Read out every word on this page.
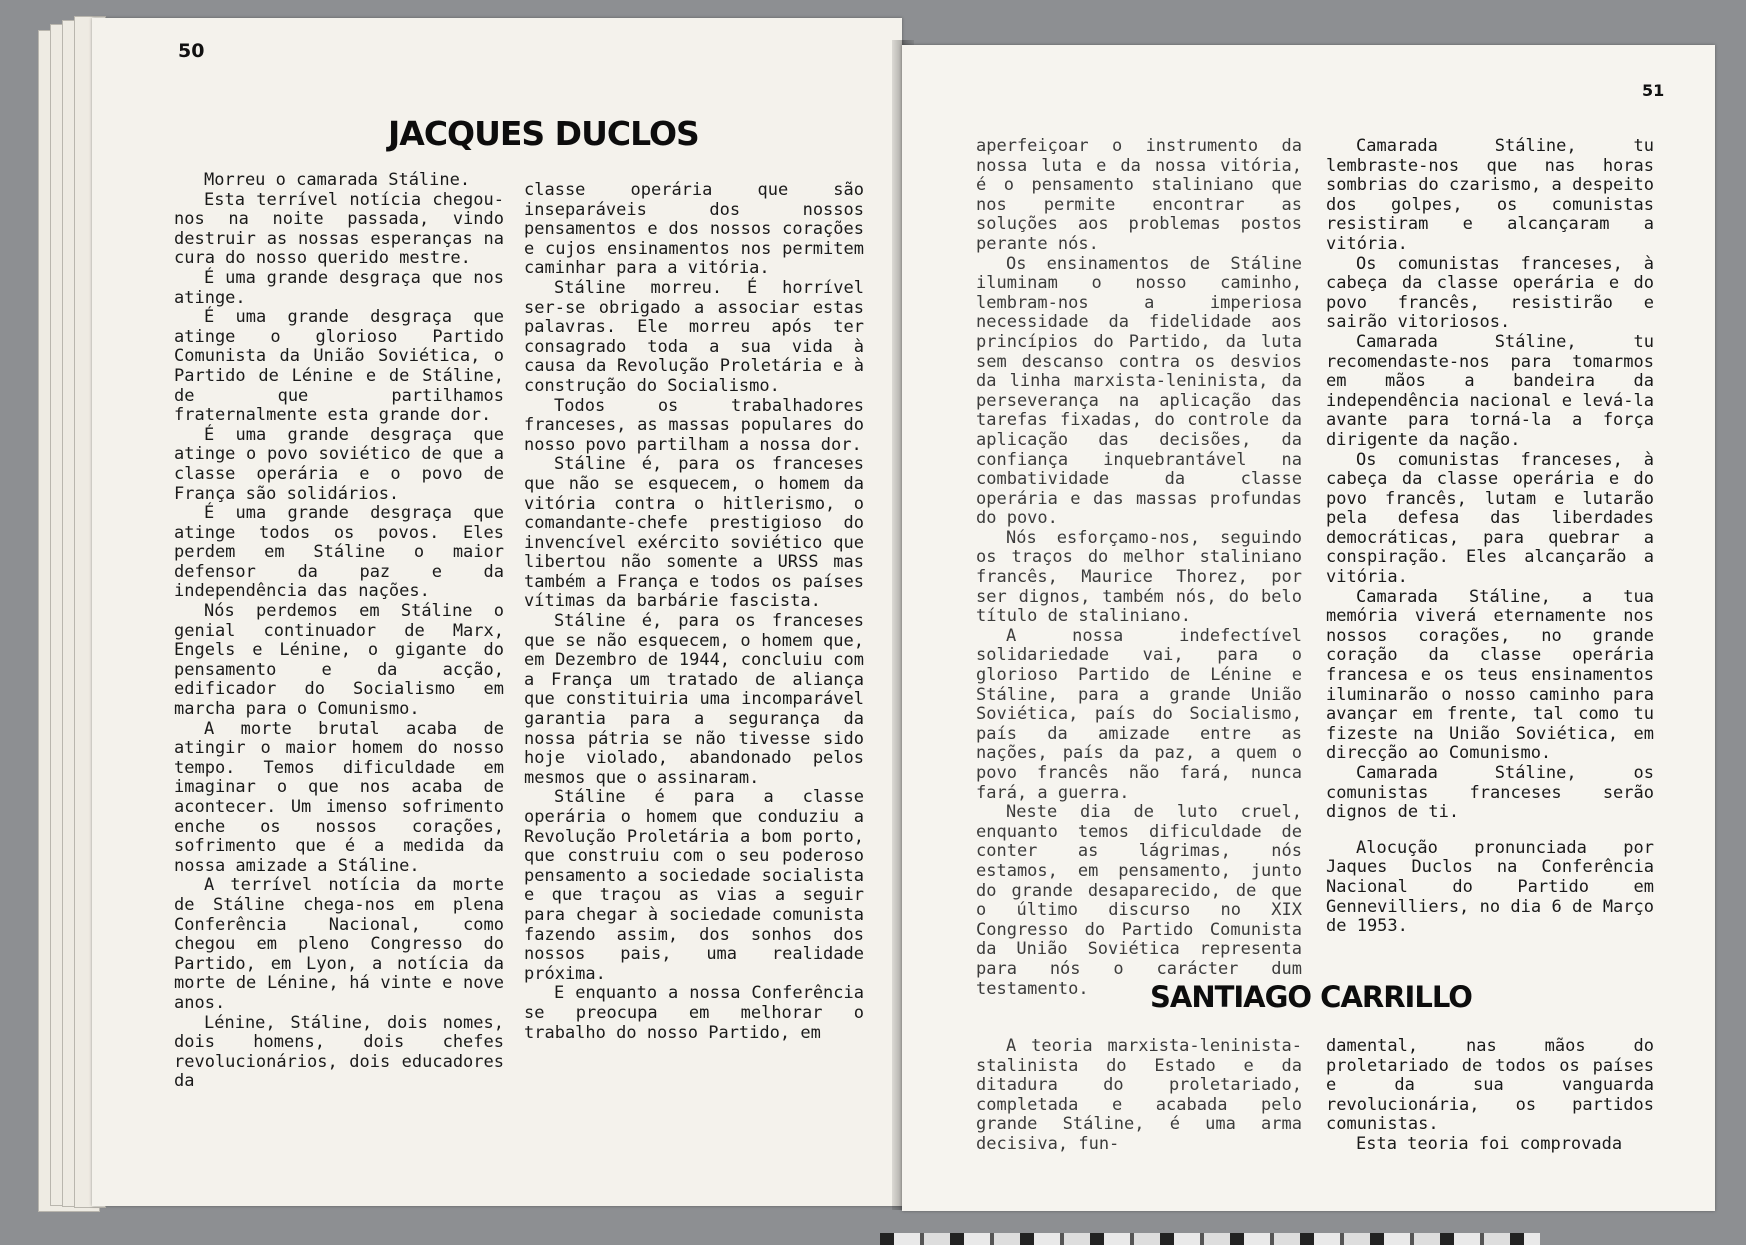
50
JACQUES DUCLOS

Morreu o camarada Stáline.

Esta terrível notícia chegou-nos na noite passada, vindo destruir as nossas esperanças na cura do nosso querido mestre.

É uma grande desgraça que nos atinge.

É uma grande desgraça que atinge o glorioso Partido Comunista da União Soviética, o Partido de Lénine e de Stáline, de que partilhamos fraternalmente esta grande dor.

É uma grande desgraça que atinge o povo soviético de que a classe operária e o povo de França são solidários.

É uma grande desgraça que atinge todos os povos. Eles perdem em Stáline o maior defensor da paz e da independência das nações.

Nós perdemos em Stáline o genial continuador de Marx, Engels e Lénine, o gigante do pensamento e da acção, edificador do Socialismo em marcha para o Comunismo.

A morte brutal acaba de atingir o maior homem do nosso tempo. Temos dificuldade em imaginar o que nos acaba de acontecer. Um imenso sofrimento enche os nossos corações, sofrimento que é a medida da nossa amizade a Stáline.

A terrível notícia da morte de Stáline chega-nos em plena Conferência Nacional, como chegou em pleno Congresso do Partido, em Lyon, a notícia da morte de Lénine, há vinte e nove anos.

Lénine, Stáline, dois nomes, dois homens, dois chefes revolucionários, dois educadores da

classe operária que são inseparáveis dos nossos pensamentos e dos nossos corações e cujos ensinamentos nos permitem caminhar para a vitória.

Stáline morreu. É horrível ser-se obrigado a associar estas palavras. Ele morreu após ter consagrado toda a sua vida à causa da Revolução Proletária e à construção do Socialismo.

Todos os trabalhadores franceses, as massas populares do nosso povo partilham a nossa dor.

Stáline é, para os franceses que não se esquecem, o homem da vitória contra o hitlerismo, o comandante-chefe prestigioso do invencível exército soviético que libertou não somente a URSS mas também a França e todos os países vítimas da barbárie fascista.

Stáline é, para os franceses que se não esquecem, o homem que, em Dezembro de 1944, concluiu com a França um tratado de aliança que constituiria uma incomparável garantia para a segurança da nossa pátria se não tivesse sido hoje violado, abandonado pelos mesmos que o assinaram.

Stáline é para a classe operária o homem que conduziu a Revolução Proletária a bom porto, que construiu com o seu poderoso pensamento a sociedade socialista e que traçou as vias a seguir para chegar à sociedade comunista fazendo assim, dos sonhos dos nossos pais, uma realidade próxima.

E enquanto a nossa Conferência se preocupa em melhorar o trabalho do nosso Partido, em

51

aperfeiçoar o instrumento da nossa luta e da nossa vitória, é o pensamento staliniano que nos permite encontrar as soluções aos problemas postos perante nós.

Os ensinamentos de Stáline iluminam o nosso caminho, lembram-nos a imperiosa necessidade da fidelidade aos princípios do Partido, da luta sem descanso contra os desvios da linha marxista-leninista, da perseverança na aplicação das tarefas fixadas, do controle da aplicação das decisões, da confiança inquebrantável na combatividade da classe operária e das massas profundas do povo.

Nós esforçamo-nos, seguindo os traços do melhor staliniano francês, Maurice Thorez, por ser dignos, também nós, do belo título de staliniano.

A nossa indefectível solidariedade vai, para o glorioso Partido de Lénine e Stáline, para a grande União Soviética, país do Socialismo, país da amizade entre as nações, país da paz, a quem o povo francês não fará, nunca fará, a guerra.

Neste dia de luto cruel, enquanto temos dificuldade de conter as lágrimas, nós estamos, em pensamento, junto do grande desaparecido, de que o último discurso no XIX Congresso do Partido Comunista da União Soviética representa para nós o carácter dum testamento.

Camarada Stáline, tu lembraste-nos que nas horas sombrias do czarismo, a despeito dos golpes, os comunistas resistiram e alcançaram a vitória.

Os comunistas franceses, à cabeça da classe operária e do povo francês, resistirão e sairão vitoriosos.

Camarada Stáline, tu recomendaste-nos para tomarmos em mãos a bandeira da independência nacional e levá-la avante para torná-la a força dirigente da nação.

Os comunistas franceses, à cabeça da classe operária e do povo francês, lutam e lutarão pela defesa das liberdades democráticas, para quebrar a conspiração. Eles alcançarão a vitória.

Camarada Stáline, a tua memória viverá eternamente nos nossos corações, no grande coração da classe operária francesa e os teus ensinamentos iluminarão o nosso caminho para avançar em frente, tal como tu fizeste na União Soviética, em direcção ao Comunismo.

Camarada Stáline, os comunistas franceses serão dignos de ti.

Alocução pronunciada por Jaques Duclos na Conferência Nacional do Partido em Gennevilliers, no dia 6 de Março de 1953.

SANTIAGO CARRILLO

A teoria marxista-leninista-stalinista do Estado e da ditadura do proletariado, completada e acabada pelo grande Stáline, é uma arma decisiva, fun-

damental, nas mãos do proletariado de todos os países e da sua vanguarda revolucionária, os partidos comunistas.

Esta teoria foi comprovada
